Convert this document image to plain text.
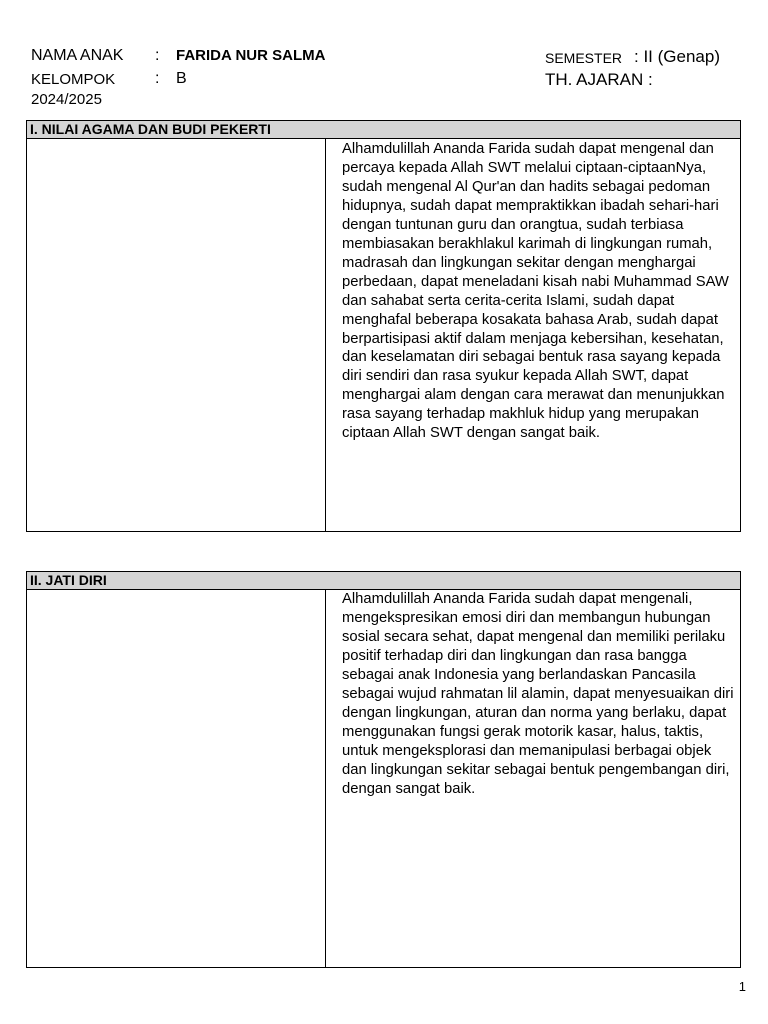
NAMA ANAK : FARIDA NUR SALMA
KELOMPOK : B
2024/2025
SEMESTER : II (Genap)
TH. AJARAN :
I. NILAI AGAMA DAN BUDI PEKERTI
Alhamdulillah Ananda Farida sudah dapat mengenal dan percaya kepada Allah SWT melalui ciptaan-ciptaanNya, sudah mengenal Al Qur'an dan hadits sebagai pedoman hidupnya, sudah dapat mempraktikkan ibadah sehari-hari dengan tuntunan guru dan orangtua, sudah terbiasa membiasakan berakhlakul karimah di lingkungan rumah, madrasah dan lingkungan sekitar dengan menghargai perbedaan, dapat meneladani kisah nabi Muhammad SAW dan sahabat serta cerita-cerita Islami, sudah dapat menghafal beberapa kosakata bahasa Arab, sudah dapat berpartisipasi aktif dalam menjaga kebersihan, kesehatan, dan keselamatan diri sebagai bentuk rasa sayang kepada diri sendiri dan rasa syukur kepada Allah SWT, dapat menghargai alam dengan cara merawat dan menunjukkan rasa sayang terhadap makhluk hidup yang merupakan ciptaan Allah SWT dengan sangat baik.
II. JATI DIRI
Alhamdulillah Ananda Farida sudah dapat mengenali, mengekspresikan emosi diri dan membangun hubungan sosial secara sehat, dapat mengenal dan memiliki perilaku positif terhadap diri dan lingkungan dan rasa bangga sebagai anak Indonesia yang berlandaskan Pancasila sebagai wujud rahmatan lil alamin, dapat menyesuaikan diri dengan lingkungan, aturan dan norma yang berlaku, dapat menggunakan fungsi gerak motorik kasar, halus, taktis, untuk mengeksplorasi dan memanipulasi berbagai objek dan lingkungan sekitar sebagai bentuk pengembangan diri, dengan sangat baik.
1
